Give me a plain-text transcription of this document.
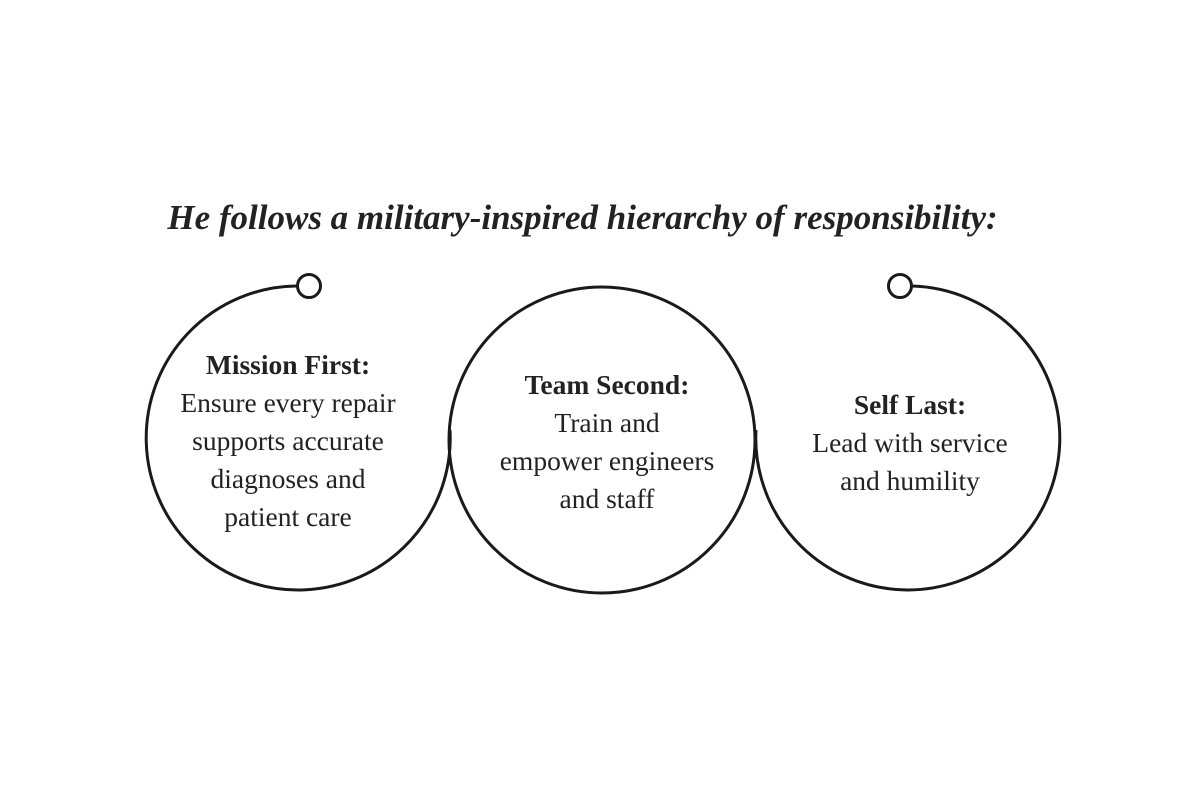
He follows a military-inspired hierarchy of responsibility:
Mission First:
Ensure every repair
supports accurate
diagnoses and
patient care
Team Second:
Train and
empower engineers
and staff
Self Last:
Lead with service
and humility
